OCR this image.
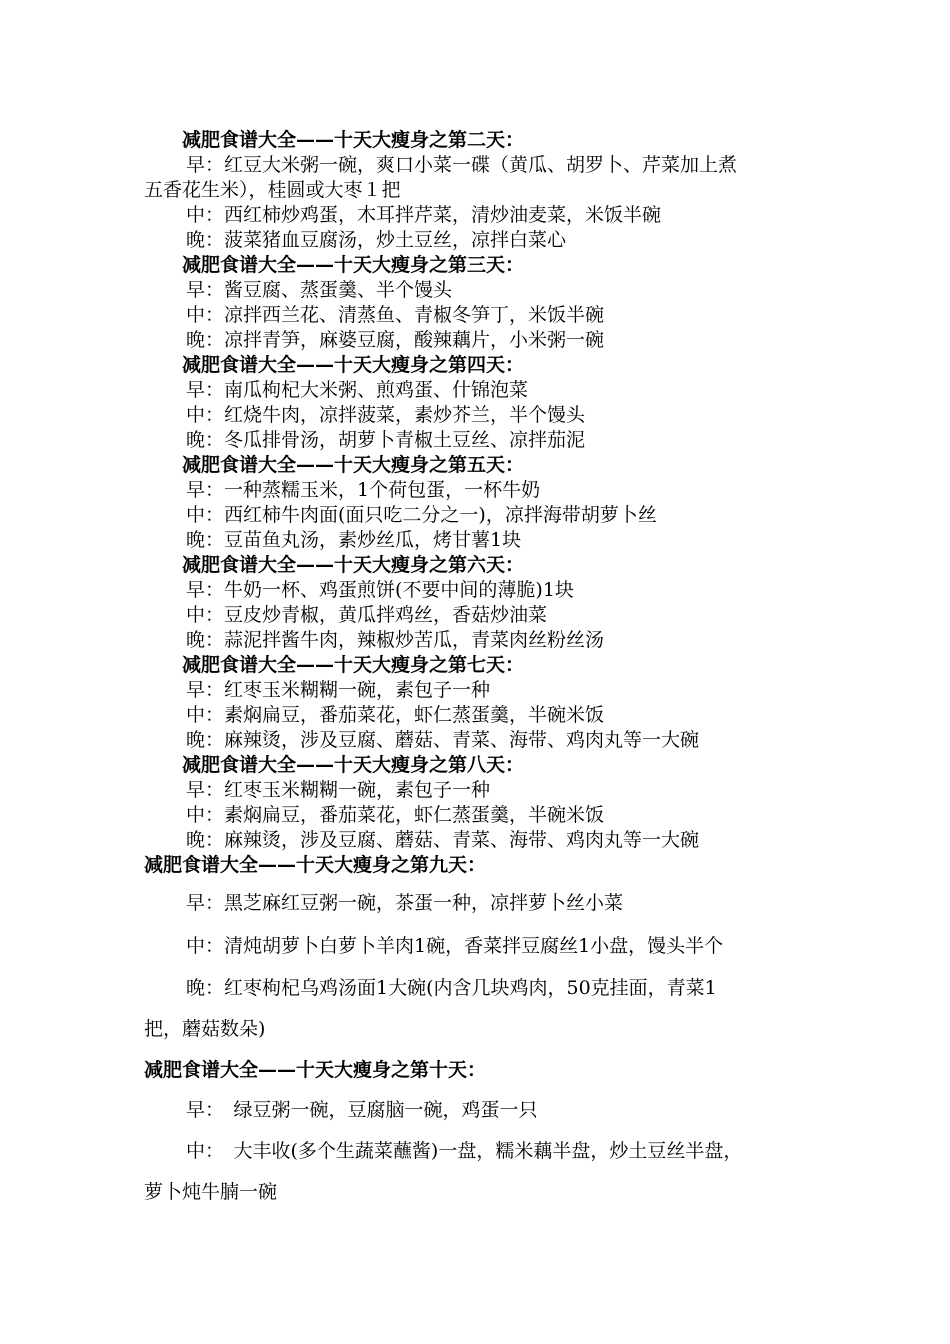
减肥食谱大全——十天大瘦身之第二天：
早：红豆大米粥一碗，爽口小菜一碟（黄瓜、胡罗卜、芹菜加上煮
五香花生米），桂圆或大枣１把
中：西红柿炒鸡蛋，木耳拌芹菜，清炒油麦菜，米饭半碗
晚：菠菜猪血豆腐汤，炒土豆丝，凉拌白菜心
减肥食谱大全——十天大瘦身之第三天：
早：酱豆腐、蒸蛋羹、半个馒头
中：凉拌西兰花、清蒸鱼、青椒冬笋丁，米饭半碗
晚：凉拌青笋，麻婆豆腐，酸辣藕片，小米粥一碗
减肥食谱大全——十天大瘦身之第四天：
早：南瓜枸杞大米粥、煎鸡蛋、什锦泡菜
中：红烧牛肉，凉拌菠菜，素炒芥兰，半个馒头
晚：冬瓜排骨汤，胡萝卜青椒土豆丝、凉拌茄泥
减肥食谱大全——十天大瘦身之第五天：
早：一种蒸糯玉米，1个荷包蛋，一杯牛奶
中：西红柿牛肉面(面只吃二分之一)，凉拌海带胡萝卜丝
晚：豆苗鱼丸汤，素炒丝瓜，烤甘薯1块
减肥食谱大全——十天大瘦身之第六天：
早：牛奶一杯、鸡蛋煎饼(不要中间的薄脆)1块
中：豆皮炒青椒，黄瓜拌鸡丝，香菇炒油菜
晚：蒜泥拌酱牛肉，辣椒炒苦瓜，青菜肉丝粉丝汤
减肥食谱大全——十天大瘦身之第七天：
早：红枣玉米糊糊一碗，素包子一种
中：素焖扁豆，番茄菜花，虾仁蒸蛋羹，半碗米饭
晚：麻辣烫，涉及豆腐、蘑菇、青菜、海带、鸡肉丸等一大碗
减肥食谱大全——十天大瘦身之第八天：
早：红枣玉米糊糊一碗，素包子一种
中：素焖扁豆，番茄菜花，虾仁蒸蛋羹，半碗米饭
晚：麻辣烫，涉及豆腐、蘑菇、青菜、海带、鸡肉丸等一大碗
减肥食谱大全——十天大瘦身之第九天：
早：黑芝麻红豆粥一碗，茶蛋一种，凉拌萝卜丝小菜
中：清炖胡萝卜白萝卜羊肉1碗，香菜拌豆腐丝1小盘，馒头半个
晚：红枣枸杞乌鸡汤面1大碗(内含几块鸡肉，50克挂面，青菜1
把，蘑菇数朵)
减肥食谱大全——十天大瘦身之第十天：
早：　绿豆粥一碗，豆腐脑一碗，鸡蛋一只
中：　大丰收(多个生蔬菜蘸酱)一盘，糯米藕半盘，炒土豆丝半盘，
萝卜炖牛腩一碗
